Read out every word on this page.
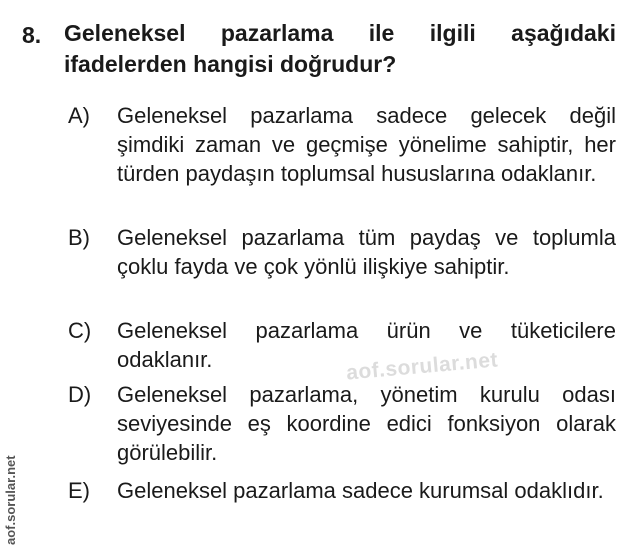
8. Geleneksel pazarlama ile ilgili aşağıdaki ifadelerden hangisi doğrudur?
A) Geleneksel pazarlama sadece gelecek değil şimdiki zaman ve geçmişe yönelime sahiptir, her türden paydaşın toplumsal hususlarına odaklanır.
B) Geleneksel pazarlama tüm paydaş ve toplumla çoklu fayda ve çok yönlü ilişkiye sahiptir.
C) Geleneksel pazarlama ürün ve tüketicilere odaklanır.
D) Geleneksel pazarlama, yönetim kurulu odası seviyesinde eş koordine edici fonksiyon olarak görülebilir.
E) Geleneksel pazarlama sadece kurumsal odaklıdır.
aof.sorular.net
aof.sorular.net
